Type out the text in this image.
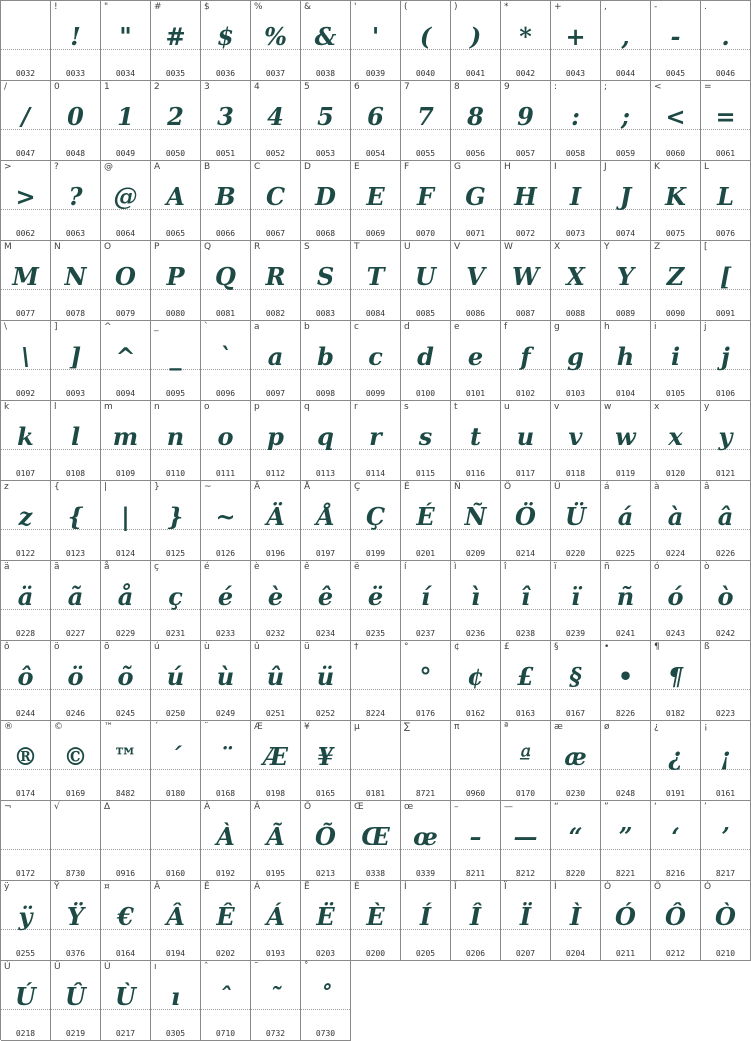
0032
!
!
0033
"
"
0034
#
#
0035
$
$
0036
%
%
0037
&
&
0038
'
'
0039
(
(
0040
)
)
0041
*
*
0042
+
+
0043
,
,
0044
-
-
0045
.
.
0046
/
/
0047
0
0
0048
1
1
0049
2
2
0050
3
3
0051
4
4
0052
5
5
0053
6
6
0054
7
7
0055
8
8
0056
9
9
0057
:
:
0058
;
;
0059
<
<
0060
=
=
0061
>
>
0062
?
?
0063
@
@
0064
A
A
0065
B
B
0066
C
C
0067
D
D
0068
E
E
0069
F
F
0070
G
G
0071
H
H
0072
I
I
0073
J
J
0074
K
K
0075
L
L
0076
M
M
0077
N
N
0078
O
O
0079
P
P
0080
Q
Q
0081
R
R
0082
S
S
0083
T
T
0084
U
U
0085
V
V
0086
W
W
0087
X
X
0088
Y
Y
0089
Z
Z
0090
[
[
0091
\
\
0092
]
]
0093
^
^
0094
_
_
0095
`
`
0096
a
a
0097
b
b
0098
c
c
0099
d
d
0100
e
e
0101
f
f
0102
g
g
0103
h
h
0104
i
i
0105
j
j
0106
k
k
0107
l
l
0108
m
m
0109
n
n
0110
o
o
0111
p
p
0112
q
q
0113
r
r
0114
s
s
0115
t
t
0116
u
u
0117
v
v
0118
w
w
0119
x
x
0120
y
y
0121
z
z
0122
{
{
0123
|
|
0124
}
}
0125
~
~
0126
Ä
Ä
0196
Å
Å
0197
Ç
Ç
0199
É
É
0201
Ñ
Ñ
0209
Ö
Ö
0214
Ü
Ü
0220
á
á
0225
à
à
0224
â
â
0226
ä
ä
0228
ã
ã
0227
å
å
0229
ç
ç
0231
é
é
0233
è
è
0232
ê
ê
0234
ë
ë
0235
í
í
0237
ì
ì
0236
î
î
0238
ï
ï
0239
ñ
ñ
0241
ó
ó
0243
ò
ò
0242
ô
ô
0244
ö
ö
0246
õ
õ
0245
ú
ú
0250
ù
ù
0249
û
û
0251
ü
ü
0252
†
8224
°
°
0176
¢
¢
0162
£
£
0163
§
§
0167
•
•
8226
¶
¶
0182
ß
0223
®
®
0174
©
©
0169
™
™
8482
´
´
0180
¨
¨
0168
Æ
Æ
0198
¥
¥
0165
µ
0181
∑
8721
π
0960
ª
ª
0170
æ
æ
0230
ø
0248
¿
¿
0191
¡
¡
0161
¬
0172
√
8730
∆
0916	0160
À
À
0192
Ã
Ã
0195
Õ
Õ
0213
Œ
Œ
0338
œ
œ
0339
–
–
8211
—
—
8212
“
“
8220
”
”
8221
‘
‘
8216
’
’
8217
ÿ
ÿ
0255
Ÿ
Ÿ
0376
¤
€
0164
Â
Â
0194
Ê
Ê
0202
Á
Á
0193
Ë
Ë
0203
È
È
0200
Í
Í
0205
Î
Î
0206
Ï
Ï
0207
Ì
Ì
0204
Ó
Ó
0211
Ô
Ô
0212
Ò
Ò
0210
Ú
Ú
0218
Û
Û
0219
Ù
Ù
0217
ı
ı
0305
ˆ
ˆ
0710
˜
˜
0732
˚
˚
0730
